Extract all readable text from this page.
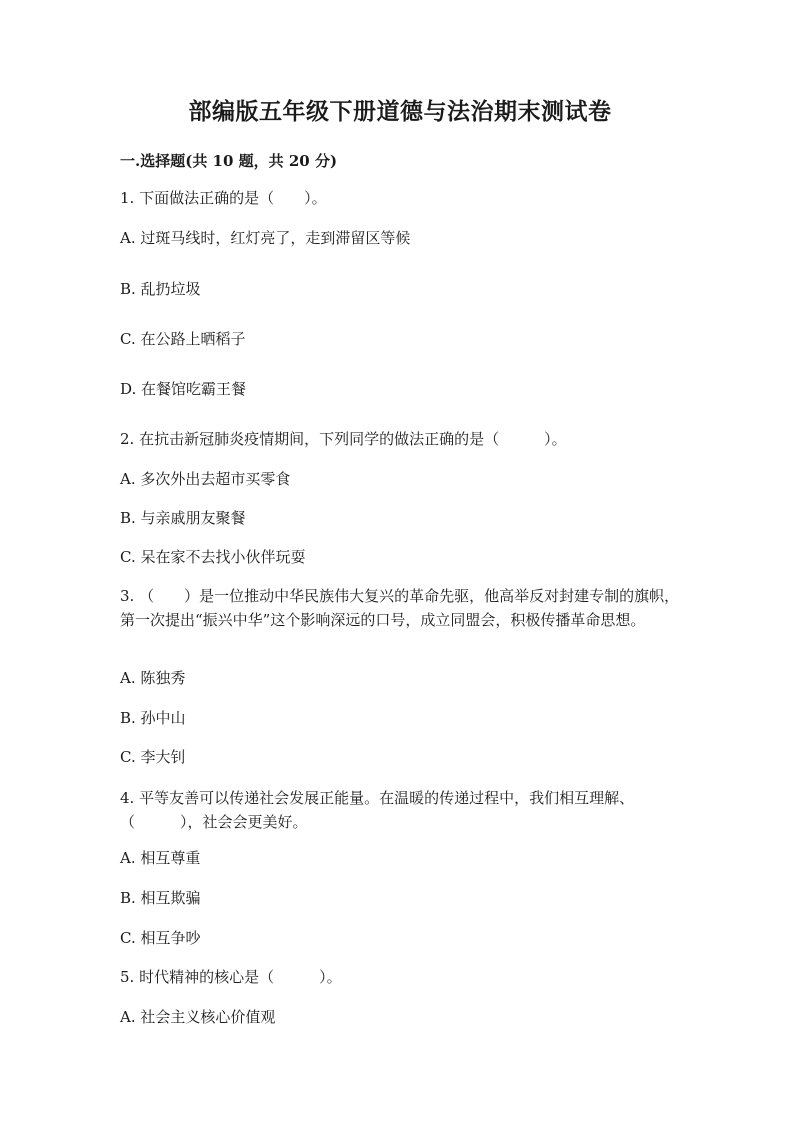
部编版五年级下册道德与法治期末测试卷
一.选择题(共 10 题，共 20 分)

1. 下面做法正确的是（　　）。

A. 过斑马线时，红灯亮了，走到滞留区等候

B. 乱扔垃圾

C. 在公路上晒稻子

D. 在餐馆吃霸王餐

2. 在抗击新冠肺炎疫情期间，下列同学的做法正确的是（　　　）。

A. 多次外出去超市买零食

B. 与亲戚朋友聚餐

C. 呆在家不去找小伙伴玩耍

3. （　　）是一位推动中华民族伟大复兴的革命先驱，他高举反对封建专制的旗帜，第一次提出“振兴中华”这个影响深远的口号，成立同盟会，积极传播革命思想。

A. 陈独秀

B. 孙中山

C. 李大钊

4. 平等友善可以传递社会发展正能量。在温暖的传递过程中，我们相互理解、（　　　），社会会更美好。

A. 相互尊重

B. 相互欺骗

C. 相互争吵

5. 时代精神的核心是（　　　）。

A. 社会主义核心价值观
